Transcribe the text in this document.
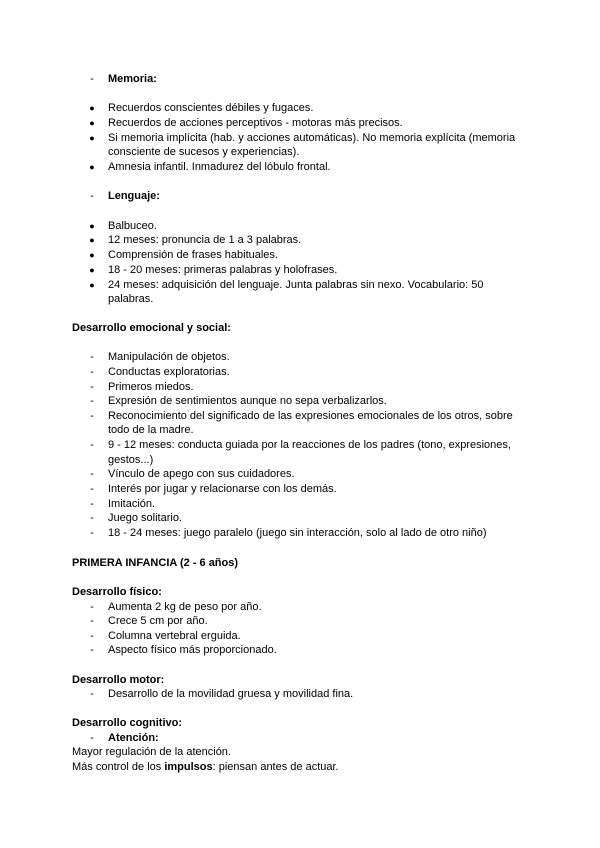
-	Memoria:
● Recuerdos conscientes débiles y fugaces.
● Recuerdos de acciones perceptivos - motoras más precisos.
● Si memoria implícita (hab. y acciones automáticas). No memoria explícita (memoria
consciente de sucesos y experiencias).
● Amnesia infantil. Inmadurez del lóbulo frontal.
-	Lenguaje:
● Balbuceo.
● 12 meses: pronuncia de 1 a 3 palabras.
● Comprensión de frases habituales.
● 18 - 20 meses: primeras palabras y holofrases.
● 24 meses: adquisición del lenguaje. Junta palabras sin nexo. Vocabulario: 50
palabras.
Desarrollo emocional y social:
-	Manipulación de objetos.
-	Conductas exploratorias.
-	Primeros miedos.
-	Expresión de sentimientos aunque no sepa verbalizarlos.
-	Reconocimiento del significado de las expresiones emocionales de los otros, sobre
todo de la madre.
-	9 - 12 meses: conducta guiada por la reacciones de los padres (tono, expresiones,
gestos...)
-	Vínculo de apego con sus cuidadores.
-	Interés por jugar y relacionarse con los demás.
-	Imitación.
-	Juego solitario.
-	18 - 24 meses: juego paralelo (juego sin interacción, solo al lado de otro niño)
PRIMERA INFANCIA (2 - 6 años)
Desarrollo físico:
-	Aumenta 2 kg de peso por año.
-	Crece 5 cm por año.
-	Columna vertebral erguida.
-	Aspecto físico más proporcionado.
Desarrollo motor:
-	Desarrollo de la movilidad gruesa y movilidad fina.
Desarrollo cognitivo:
-	Atención:
Mayor regulación de la atención.
Más control de los impulsos: piensan antes de actuar.
